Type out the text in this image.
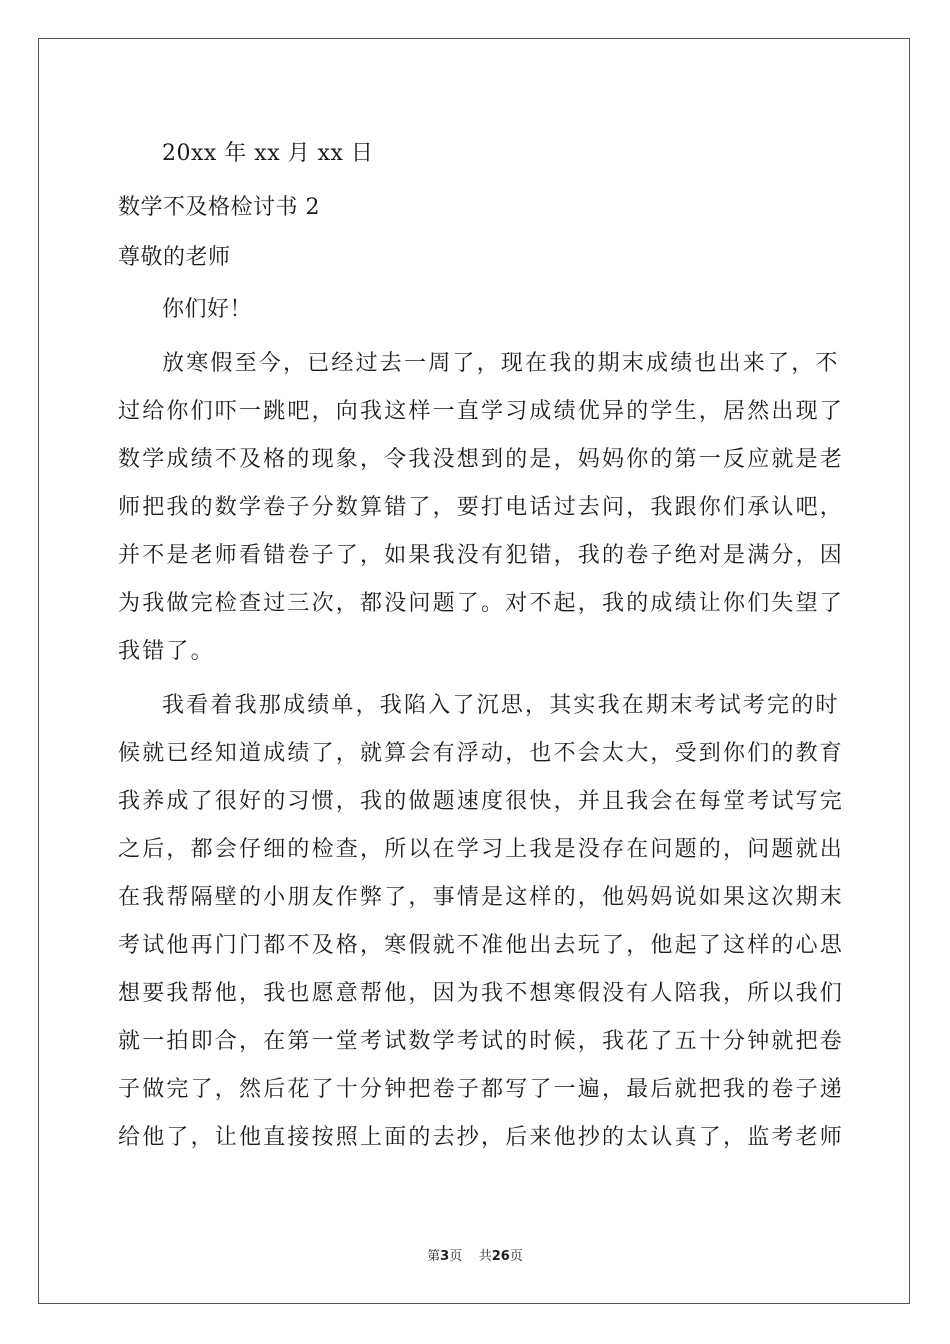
20xx 年 xx 月 xx 日
数学不及格检讨书 2
尊敬的老师
你们好！
放寒假至今，已经过去一周了，现在我的期末成绩也出来了，不
过给你们吓一跳吧，向我这样一直学习成绩优异的学生，居然出现了
数学成绩不及格的现象，令我没想到的是，妈妈你的第一反应就是老
师把我的数学卷子分数算错了，要打电话过去问，我跟你们承认吧，
并不是老师看错卷子了，如果我没有犯错，我的卷子绝对是满分，因
为我做完检查过三次，都没问题了。对不起，我的成绩让你们失望了
我错了。
我看着我那成绩单，我陷入了沉思，其实我在期末考试考完的时
候就已经知道成绩了，就算会有浮动，也不会太大，受到你们的教育
我养成了很好的习惯，我的做题速度很快，并且我会在每堂考试写完
之后，都会仔细的检查，所以在学习上我是没存在问题的，问题就出
在我帮隔壁的小朋友作弊了，事情是这样的，他妈妈说如果这次期末
考试他再门门都不及格，寒假就不准他出去玩了，他起了这样的心思
想要我帮他，我也愿意帮他，因为我不想寒假没有人陪我，所以我们
就一拍即合，在第一堂考试数学考试的时候，我花了五十分钟就把卷
子做完了，然后花了十分钟把卷子都写了一遍，最后就把我的卷子递
给他了，让他直接按照上面的去抄，后来他抄的太认真了，监考老师
第3页 共26页
